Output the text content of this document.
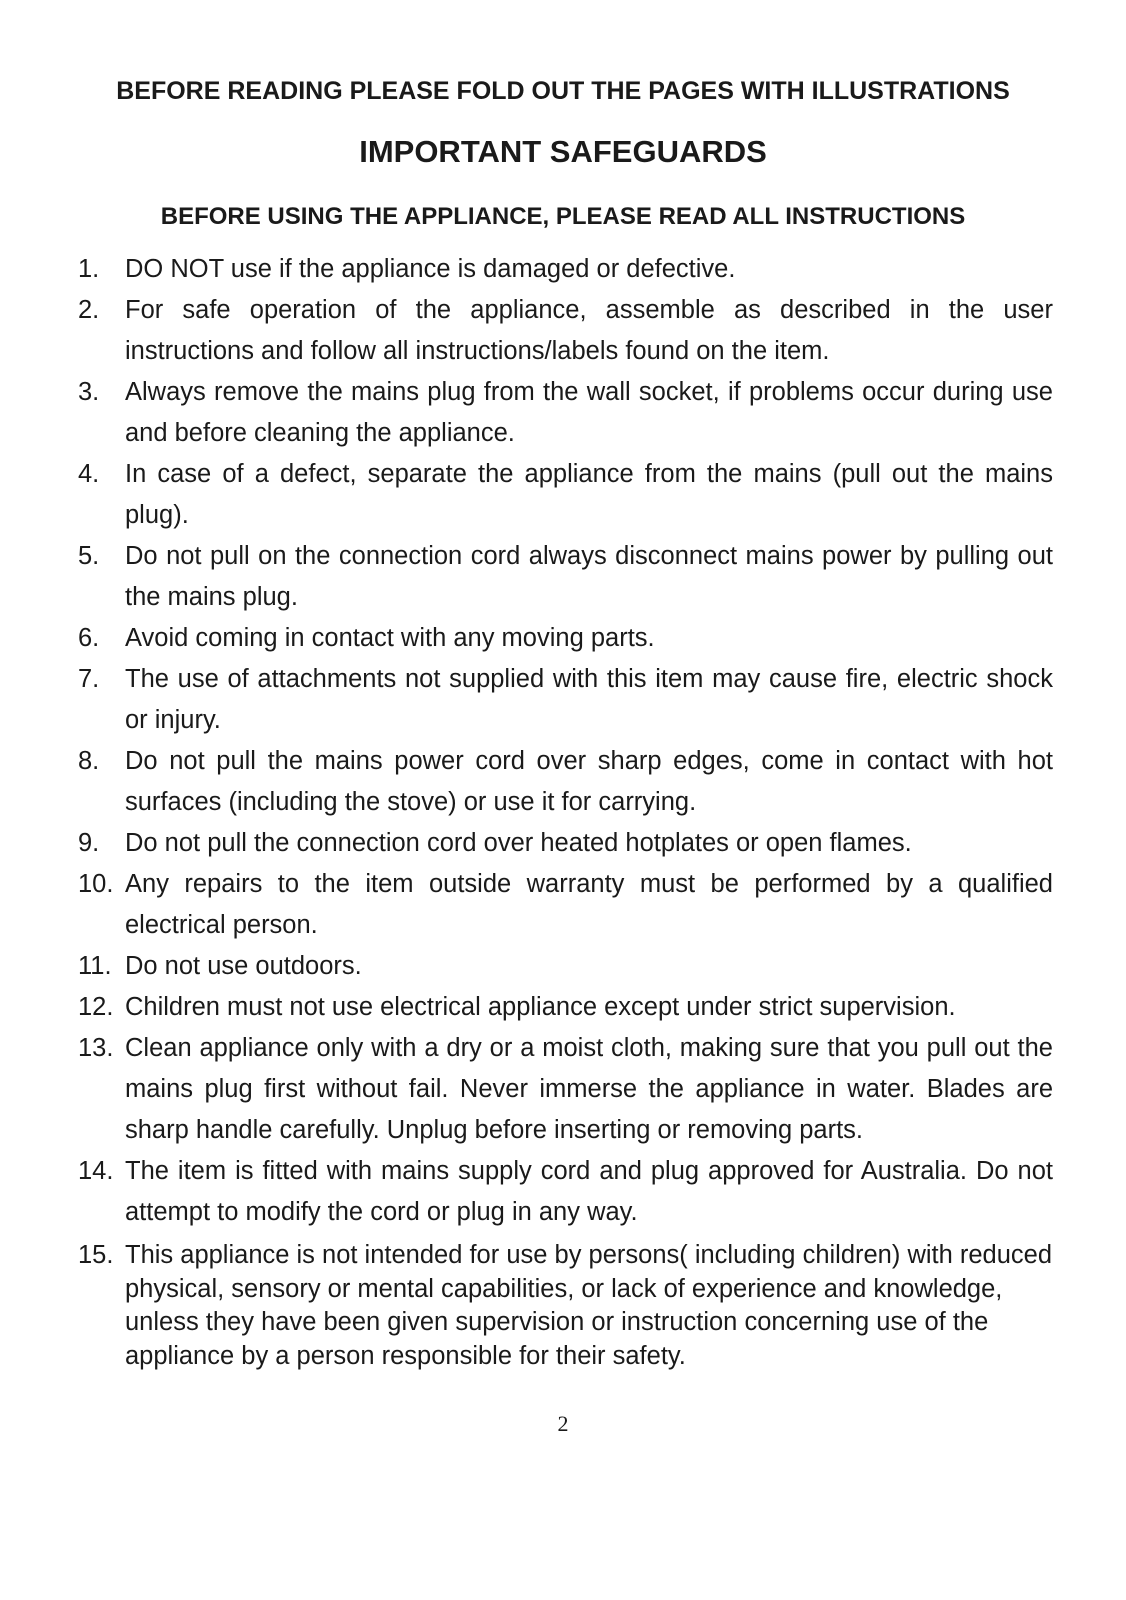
BEFORE READING PLEASE FOLD OUT THE PAGES WITH ILLUSTRATIONS
IMPORTANT SAFEGUARDS
BEFORE USING THE APPLIANCE, PLEASE READ ALL INSTRUCTIONS
1.	DO NOT use if the appliance is damaged or defective.
2.	For safe operation of the appliance, assemble as described in the user instructions and follow all instructions/labels found on the item.
3.	Always remove the mains plug from the wall socket, if problems occur during use and before cleaning the appliance.
4.	In case of a defect, separate the appliance from the mains (pull out the mains plug).
5.	Do not pull on the connection cord always disconnect mains power by pulling out the mains plug.
6.	Avoid coming in contact with any moving parts.
7.	The use of attachments not supplied with this item may cause fire, electric shock or injury.
8.	Do not pull the mains power cord over sharp edges, come in contact with hot surfaces (including the stove) or use it for carrying.
9.	Do not pull the connection cord over heated hotplates or open flames.
10. Any repairs to the item outside warranty must be performed by a qualified electrical person.
11. Do not use outdoors.
12. Children must not use electrical appliance except under strict supervision.
13. Clean appliance only with a dry or a moist cloth, making sure that you pull out the mains plug first without fail. Never immerse the appliance in water. Blades are sharp handle carefully. Unplug before inserting or removing parts.
14. The item is fitted with mains supply cord and plug approved for Australia. Do not attempt to modify the cord or plug in any way.
15. This appliance is not intended for use by persons( including children) with reduced physical, sensory or mental capabilities, or lack of experience and knowledge, unless they have been given supervision or instruction concerning use of the appliance by a person responsible for their safety.
2
